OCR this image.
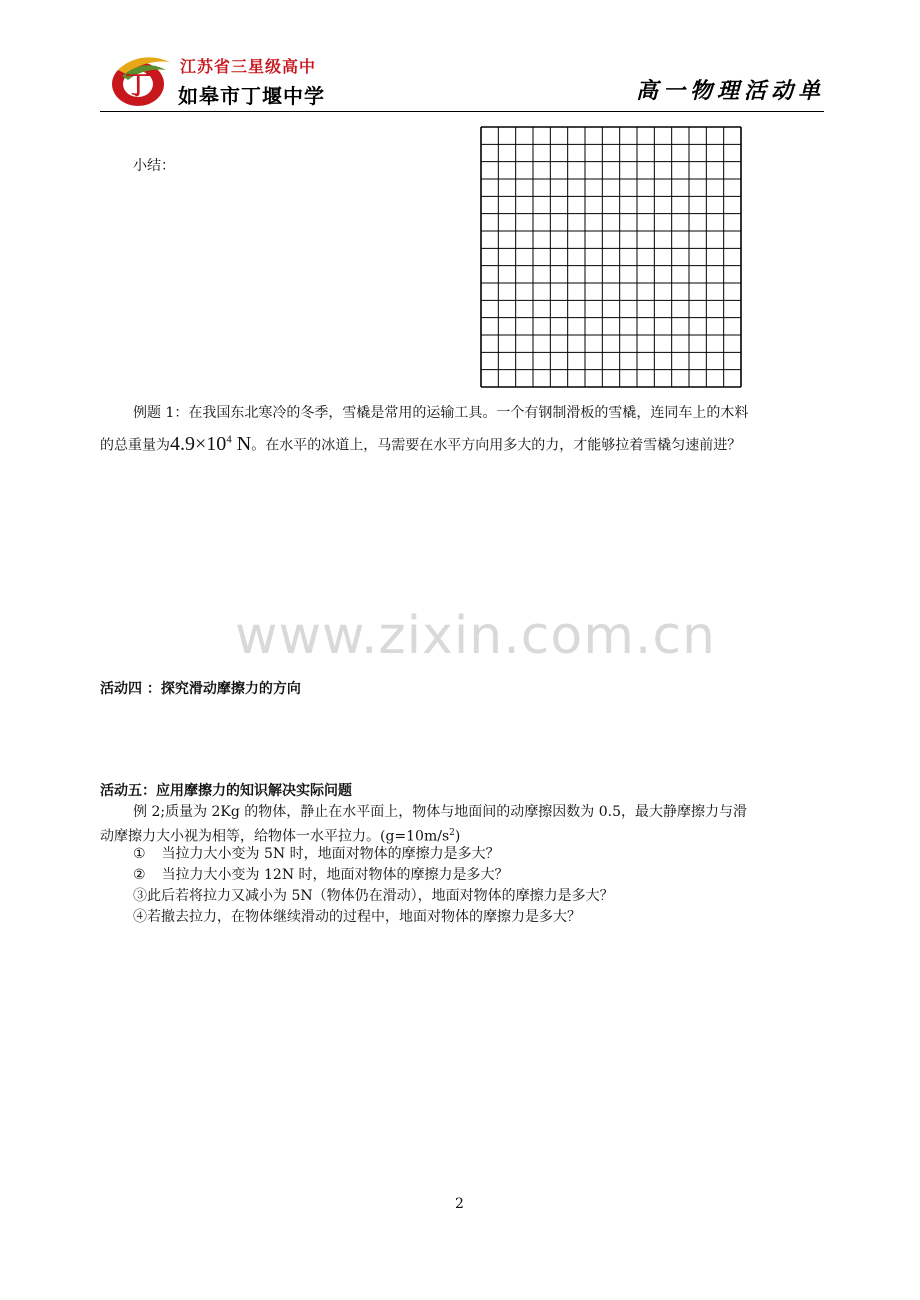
丁
江苏省三星级高中
如皋市丁堰中学	高一物理活动单
小结：
例题 1：在我国东北寒冷的冬季，雪橇是常用的运输工具。一个有钢制滑板的雪橇，连同车上的木料
的总重量为$4.9\times 10^4$ N。在水平的冰道上，马需要在水平方向用多大的力，才能够拉着雪橇匀速前进？
www.zixin.com.cn
活动四 ：探究滑动摩擦力的方向
活动五：应用摩擦力的知识解决实际问题
例 2;质量为 2Kg 的物体，静止在水平面上，物体与地面间的动摩擦因数为 0.5，最大静摩擦力与滑
动摩擦力大小视为相等，给物体一水平拉力。$(g=10m/s^2)$
① 当拉力大小变为 5N 时，地面对物体的摩擦力是多大？
② 当拉力大小变为 12N 时，地面对物体的摩擦力是多大？
③此后若将拉力又减小为 5N（物体仍在滑动），地面对物体的摩擦力是多大？
④若撤去拉力，在物体继续滑动的过程中，地面对物体的摩擦力是多大？
2
